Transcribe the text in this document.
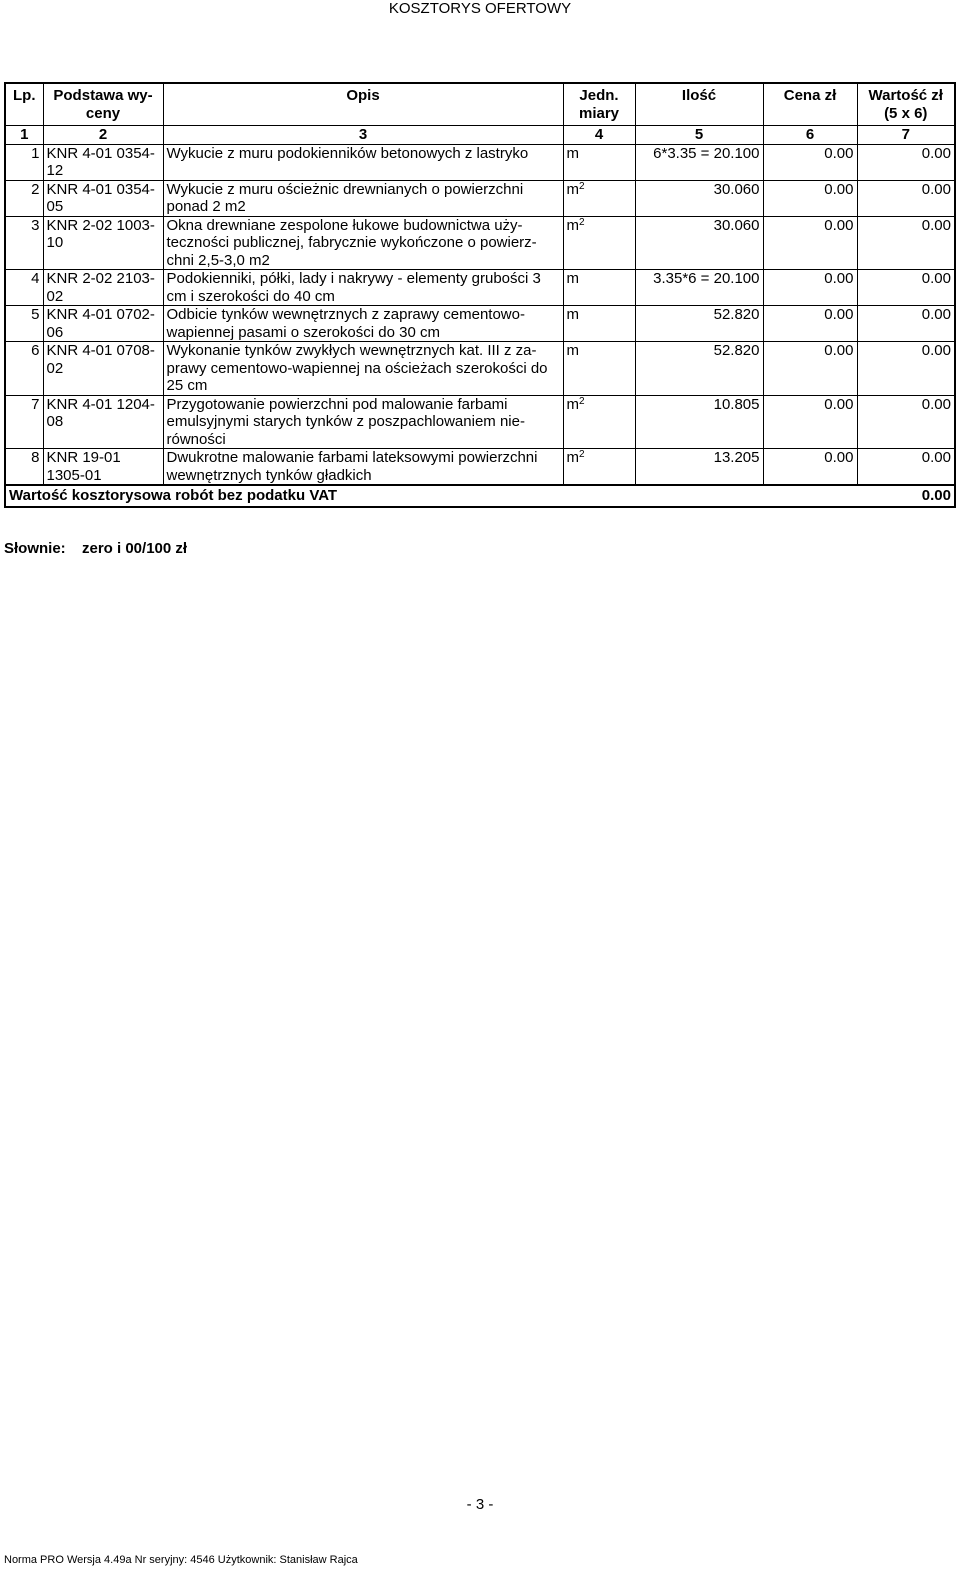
KOSZTORYS OFERTOWY
Lp.	Podstawa wy-ceny	Opis	Jedn. miary	Ilość	Cena zł	Wartość zł (5 x 6)
1	2	3	4	5	6	7
1	KNR 4-01 0354-12	Wykucie z muru podokienników betonowych z lastryko	m	6*3.35 = 20.100	0.00	0.00
2	KNR 4-01 0354-05	Wykucie z muru ościeżnic drewnianych o powierzchni ponad 2 m2	$m^2$	30.060	0.00	0.00
3	KNR 2-02 1003-10	Okna drewniane zespolone łukowe budownictwa uży-teczności publicznej, fabrycznie wykończone o powierz-chni 2,5-3,0 m2	$m^2$	30.060	0.00	0.00
4	KNR 2-02 2103-02	Podokienniki, półki, lady i nakrywy - elementy grubości 3 cm i szerokości do 40 cm	m	3.35*6 = 20.100	0.00	0.00
5	KNR 4-01 0702-06	Odbicie tynków wewnętrznych z zaprawy cementowo-wapiennej pasami o szerokości do 30 cm	m	52.820	0.00	0.00
6	KNR 4-01 0708-02	Wykonanie tynków zwykłych wewnętrznych kat. III z za-prawy cementowo-wapiennej na ościeżach szerokości do 25 cm	m	52.820	0.00	0.00
7	KNR 4-01 1204-08	Przygotowanie powierzchni pod malowanie farbami emulsyjnymi starych tynków z poszpachlowaniem nie-równości	$m^2$	10.805	0.00	0.00
8	KNR 19-01 1305-01	Dwukrotne malowanie farbami lateksowymi powierzchni wewnętrznych tynków gładkich	$m^2$	13.205	0.00	0.00
Wartość kosztorysowa robót bez podatku VAT						0.00
Słownie: zero i 00/100 zł
- 3 -
Norma PRO Wersja 4.49a Nr seryjny: 4546 Użytkownik: Stanisław Rajca
